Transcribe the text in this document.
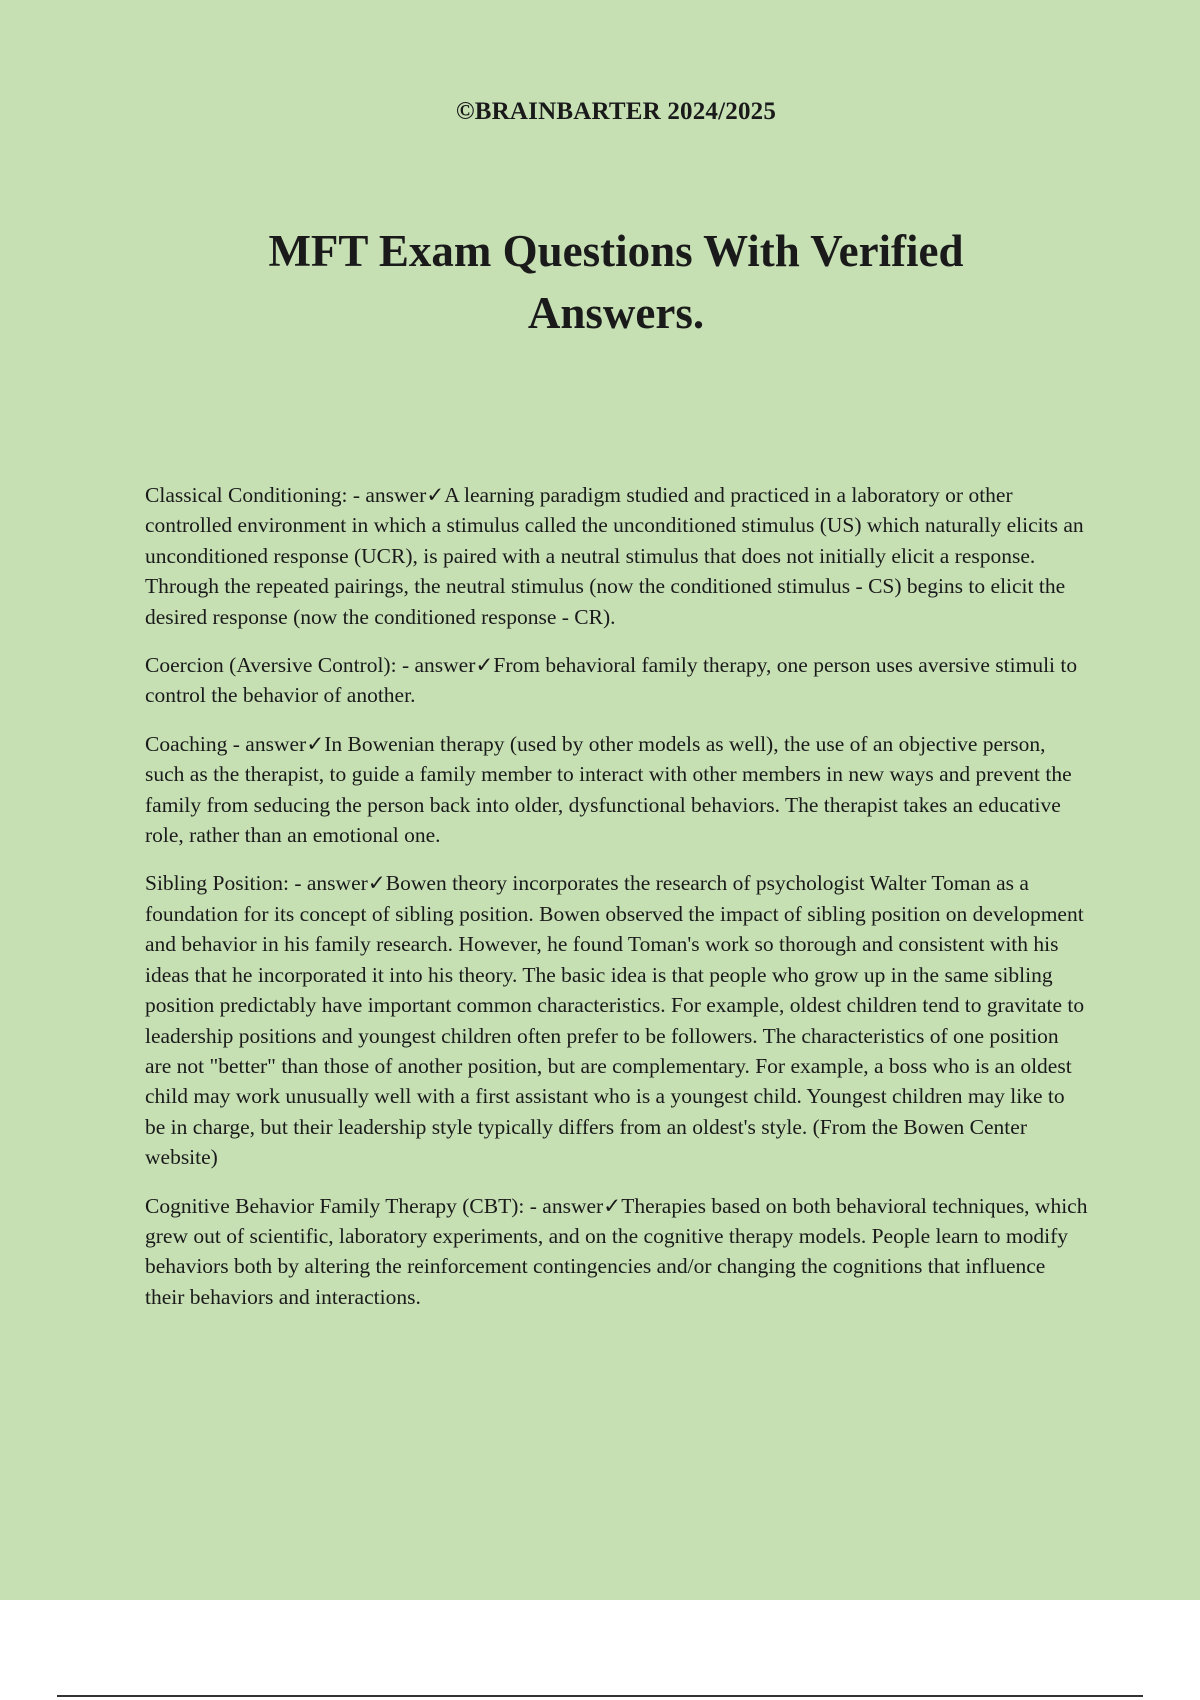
©BRAINBARTER 2024/2025
MFT Exam Questions With Verified
Answers.

Classical Conditioning: - answer✓A learning paradigm studied and practiced in a laboratory or other controlled environment in which a stimulus called the unconditioned stimulus (US) which naturally elicits an unconditioned response (UCR), is paired with a neutral stimulus that does not initially elicit a response. Through the repeated pairings, the neutral stimulus (now the conditioned stimulus - CS) begins to elicit the desired response (now the conditioned response - CR).

Coercion (Aversive Control): - answer✓From behavioral family therapy, one person uses aversive stimuli to control the behavior of another.

Coaching - answer✓In Bowenian therapy (used by other models as well), the use of an objective person, such as the therapist, to guide a family member to interact with other members in new ways and prevent the family from seducing the person back into older, dysfunctional behaviors. The therapist takes an educative role, rather than an emotional one.

Sibling Position: - answer✓Bowen theory incorporates the research of psychologist Walter Toman as a foundation for its concept of sibling position. Bowen observed the impact of sibling position on development and behavior in his family research. However, he found Toman's work so thorough and consistent with his ideas that he incorporated it into his theory. The basic idea is that people who grow up in the same sibling position predictably have important common characteristics. For example, oldest children tend to gravitate to leadership positions and youngest children often prefer to be followers. The characteristics of one position are not "better" than those of another position, but are complementary. For example, a boss who is an oldest child may work unusually well with a first assistant who is a youngest child. Youngest children may like to be in charge, but their leadership style typically differs from an oldest's style. (From the Bowen Center website)

Cognitive Behavior Family Therapy (CBT): - answer✓Therapies based on both behavioral techniques, which grew out of scientific, laboratory experiments, and on the cognitive therapy models. People learn to modify behaviors both by altering the reinforcement contingencies and/or changing the cognitions that influence their behaviors and interactions.
